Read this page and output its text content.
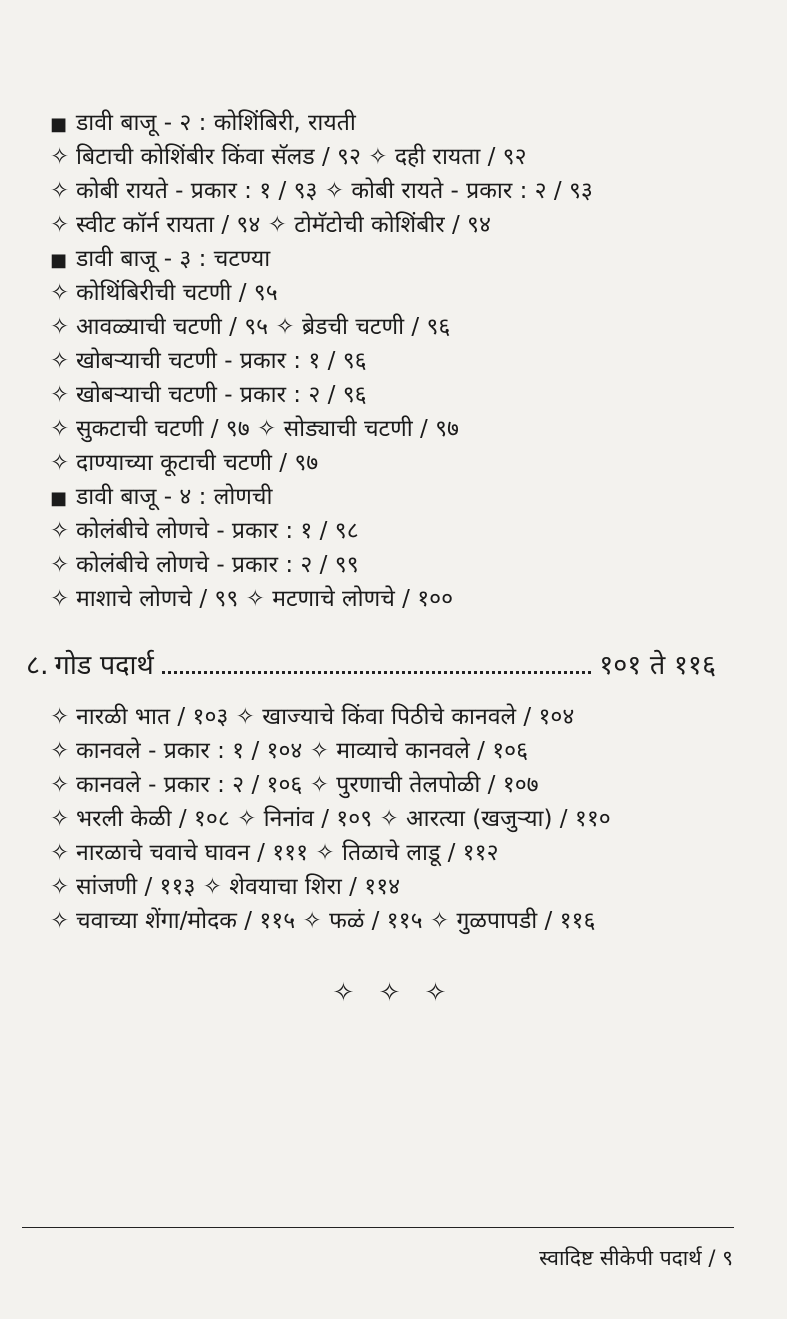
■ डावी बाजू - २ : कोशिंबिरी, रायती
✧ बिटाची कोशिंबीर किंवा सॅलड / ९२ ✧ दही रायता / ९२
✧ कोबी रायते - प्रकार : १ / ९३ ✧ कोबी रायते - प्रकार : २ / ९३
✧ स्वीट कॉर्न रायता / ९४ ✧ टोमॅटोची कोशिंबीर / ९४
■ डावी बाजू - ३ : चटण्या
✧ कोथिंबिरीची चटणी / ९५
✧ आवळ्याची चटणी / ९५ ✧ ब्रेडची चटणी / ९६
✧ खोबऱ्याची चटणी - प्रकार : १ / ९६
✧ खोबऱ्याची चटणी - प्रकार : २ / ९६
✧ सुकटाची चटणी / ९७ ✧ सोड्याची चटणी / ९७
✧ दाण्याच्या कूटाची चटणी / ९७
■ डावी बाजू - ४ : लोणची
✧ कोलंबीचे लोणचे - प्रकार : १ / ९८
✧ कोलंबीचे लोणचे - प्रकार : २ / ९९
✧ माशाचे लोणचे / ९९ ✧ मटणाचे लोणचे / १००
८. गोड पदार्थ	१०१ ते ११६
✧ नारळी भात / १०३ ✧ खाज्याचे किंवा पिठीचे कानवले / १०४
✧ कानवले - प्रकार : १ / १०४ ✧ माव्याचे कानवले / १०६
✧ कानवले - प्रकार : २ / १०६ ✧ पुरणाची तेलपोळी / १०७
✧ भरली केळी / १०८ ✧ निनांव / १०९ ✧ आरत्या (खजुऱ्या) / ११०
✧ नारळाचे चवाचे घावन / १११ ✧ तिळाचे लाडू / ११२
✧ सांजणी / ११३ ✧ शेवयाचा शिरा / ११४
✧ चवाच्या शेंगा/मोदक / ११५ ✧ फळं / ११५ ✧ गुळपापडी / ११६
✧ ✧ ✧
स्वादिष्ट सीकेपी पदार्थ / ९
